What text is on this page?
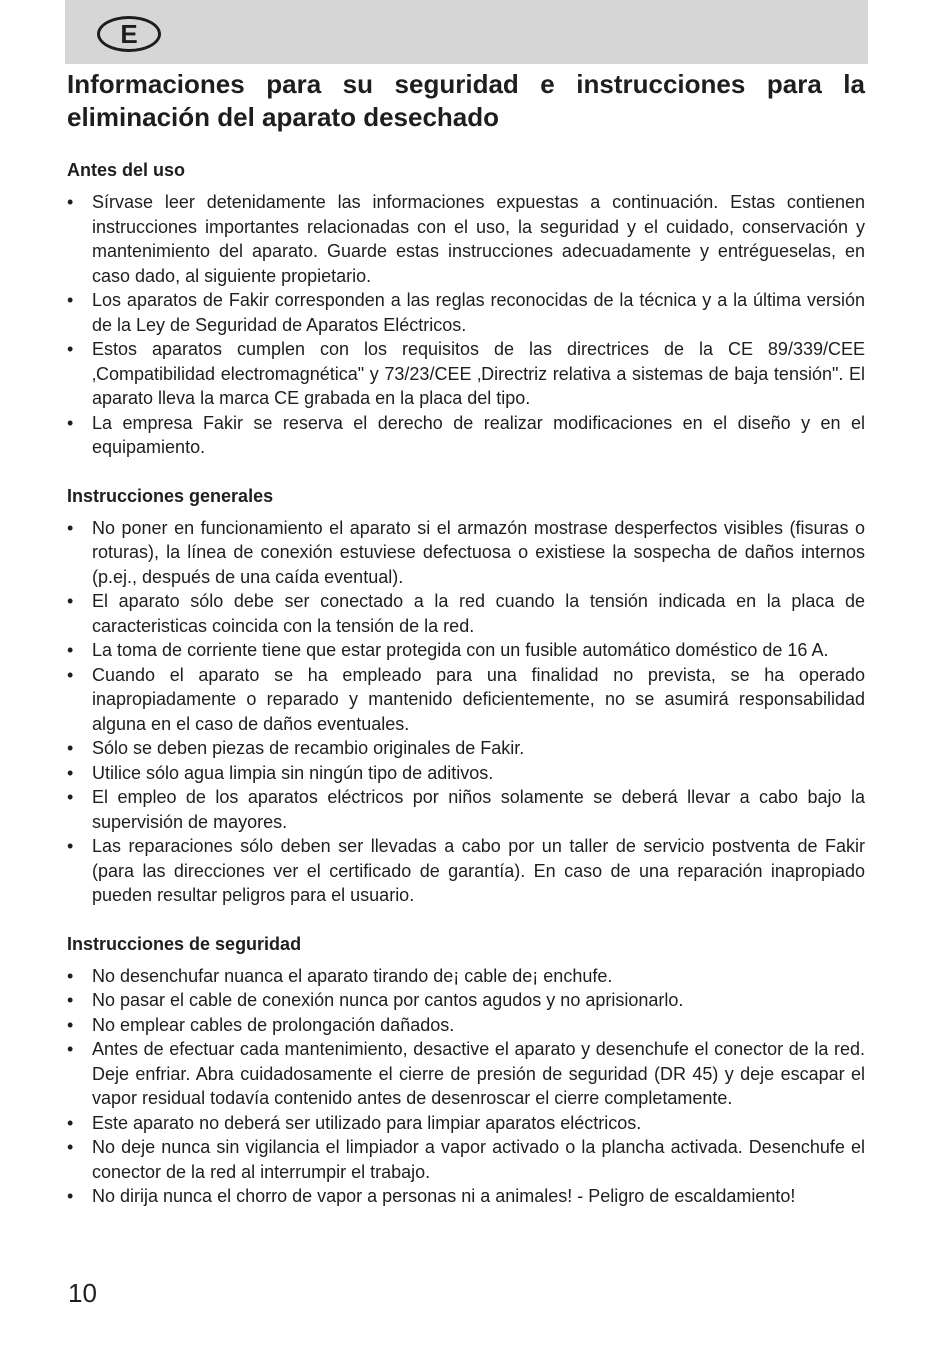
E
Informaciones para su seguridad e instrucciones para la eliminación del aparato desechado
Antes del uso
• Sírvase leer detenidamente las informaciones expuestas a continuación. Estas contienen instrucciones importantes relacionadas con el uso, la seguridad y el cuidado, conservación y mantenimiento del aparato. Guarde estas instrucciones adecuadamente y entrégueselas, en caso dado, al siguiente propietario.
• Los aparatos de Fakir corresponden a las reglas reconocidas de la técnica y a la última versión de la Ley de Seguridad de Aparatos Eléctricos.
• Estos aparatos cumplen con los requisitos de las directrices de la CE 89/339/CEE ‚Compatibilidad electromagnética" y 73/23/CEE ‚Directriz relativa a sistemas de baja tensión". El aparato lleva la marca CE grabada en la placa del tipo.
• La empresa Fakir se reserva el derecho de realizar modificaciones en el diseño y en el equipamiento.
Instrucciones generales
• No poner en funcionamiento el aparato si el armazón mostrase desperfectos visibles (fisuras o roturas), la línea de conexión estuviese defectuosa o existiese la sospecha de daños internos (p.ej., después de una caída eventual).
• El aparato sólo debe ser conectado a la red cuando la tensión indicada en la placa de caracteristicas coincida con la tensión de la red.
• La toma de corriente tiene que estar protegida con un fusible automático doméstico de 16 A.
• Cuando el aparato se ha empleado para una finalidad no prevista, se ha operado inapropiadamente o reparado y mantenido deficientemente, no se asumirá responsabilidad alguna en el caso de daños eventuales.
• Sólo se deben piezas de recambio originales de Fakir.
• Utilice sólo agua limpia sin ningún tipo de aditivos.
• El empleo de los aparatos eléctricos por niños solamente se deberá llevar a cabo bajo la supervisión de mayores.
• Las reparaciones sólo deben ser llevadas a cabo por un taller de servicio postventa de Fakir (para las direcciones ver el certificado de garantía). En caso de una reparación inapropiado pueden resultar peligros para el usuario.
Instrucciones de seguridad
• No desenchufar nuanca el aparato tirando de¡ cable de¡ enchufe.
• No pasar el cable de conexión nunca por cantos agudos y no aprisionarlo.
• No emplear cables de prolongación dañados.
• Antes de efectuar cada mantenimiento, desactive el aparato y desenchufe el conector de la red. Deje enfriar. Abra cuidadosamente el cierre de presión de seguridad (DR 45) y deje escapar el vapor residual todavía contenido antes de desenroscar el cierre completamente.
• Este aparato no deberá ser utilizado para limpiar aparatos eléctricos.
• No deje nunca sin vigilancia el limpiador a vapor activado o la plancha activada. Desenchufe el conector de la red al interrumpir el trabajo.
• No dirija nunca el chorro de vapor a personas ni a animales! - Peligro de escaldamiento!
10
